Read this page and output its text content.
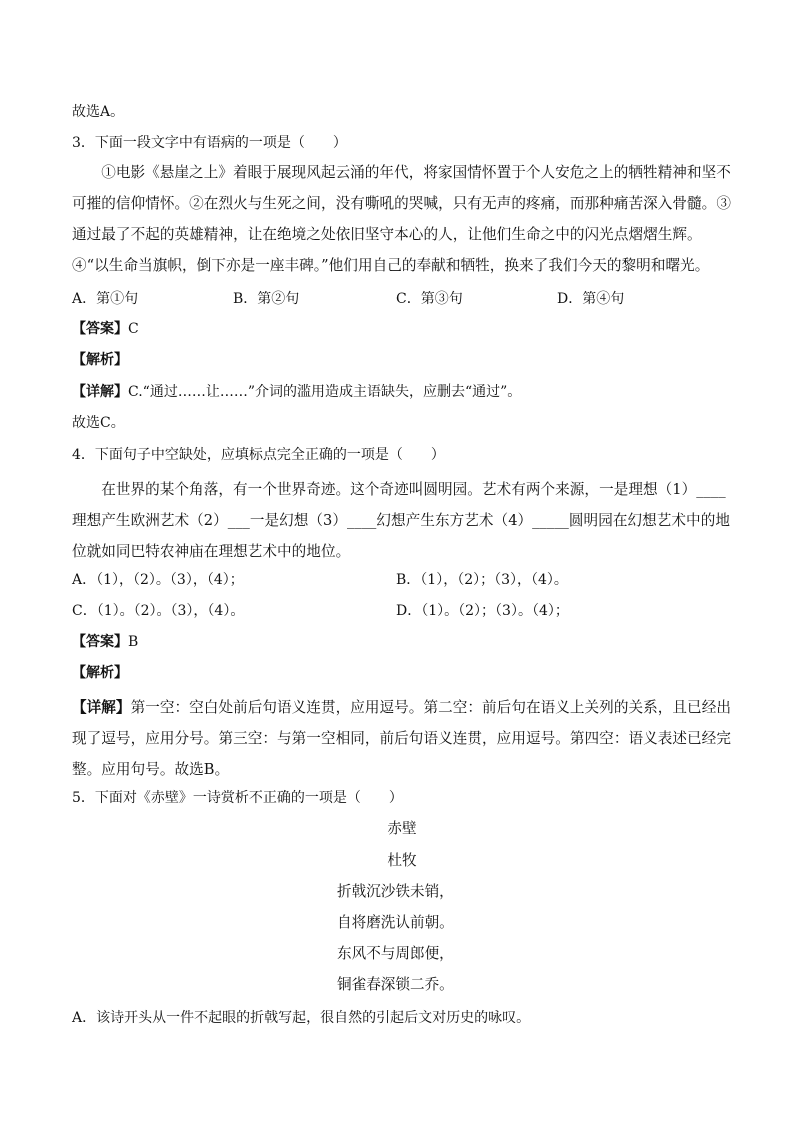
故选A。
3．下面一段文字中有语病的一项是（　　）
①电影《悬崖之上》着眼于展现风起云涌的年代，将家国情怀置于个人安危之上的牺牲精神和坚不可摧的信仰情怀。②在烈火与生死之间，没有嘶吼的哭喊，只有无声的疼痛，而那种痛苦深入骨髓。③通过最了不起的英雄精神，让在绝境之处依旧坚守本心的人，让他们生命之中的闪光点熠熠生辉。④“以生命当旗帜，倒下亦是一座丰碑。”他们用自己的奉献和牺牲，换来了我们今天的黎明和曙光。
A．第①句	B．第②句	C．第③句	D．第④句
【答案】C
【解析】
【详解】C.“通过……让……”介词的滥用造成主语缺失，应删去“通过”。
故选C。
4．下面句子中空缺处，应填标点完全正确的一项是（　　）
在世界的某个角落，有一个世界奇迹。这个奇迹叫圆明园。艺术有两个来源，一是理想（1）____理想产生欧洲艺术（2）___一是幻想（3）____幻想产生东方艺术（4）_____圆明园在幻想艺术中的地位就如同巴特农神庙在理想艺术中的地位。
A．（1），（2）。（3），（4）；	B．（1），（2）；（3），（4）。
C．（1）。（2）。（3），（4）。	D．（1）。（2）；（3）。（4）；
【答案】B
【解析】
【详解】第一空：空白处前后句语义连贯，应用逗号。第二空：前后句在语义上关列的关系，且已经出现了逗号，应用分号。第三空：与第一空相同，前后句语义连贯，应用逗号。第四空：语义表述已经完整。应用句号。故选B。
5．下面对《赤壁》一诗赏析不正确的一项是（　　）
赤壁
杜牧
折戟沉沙铁未销，
自将磨洗认前朝。
东风不与周郎便，
铜雀春深锁二乔。
A．该诗开头从一件不起眼的折戟写起，很自然的引起后文对历史的咏叹。
